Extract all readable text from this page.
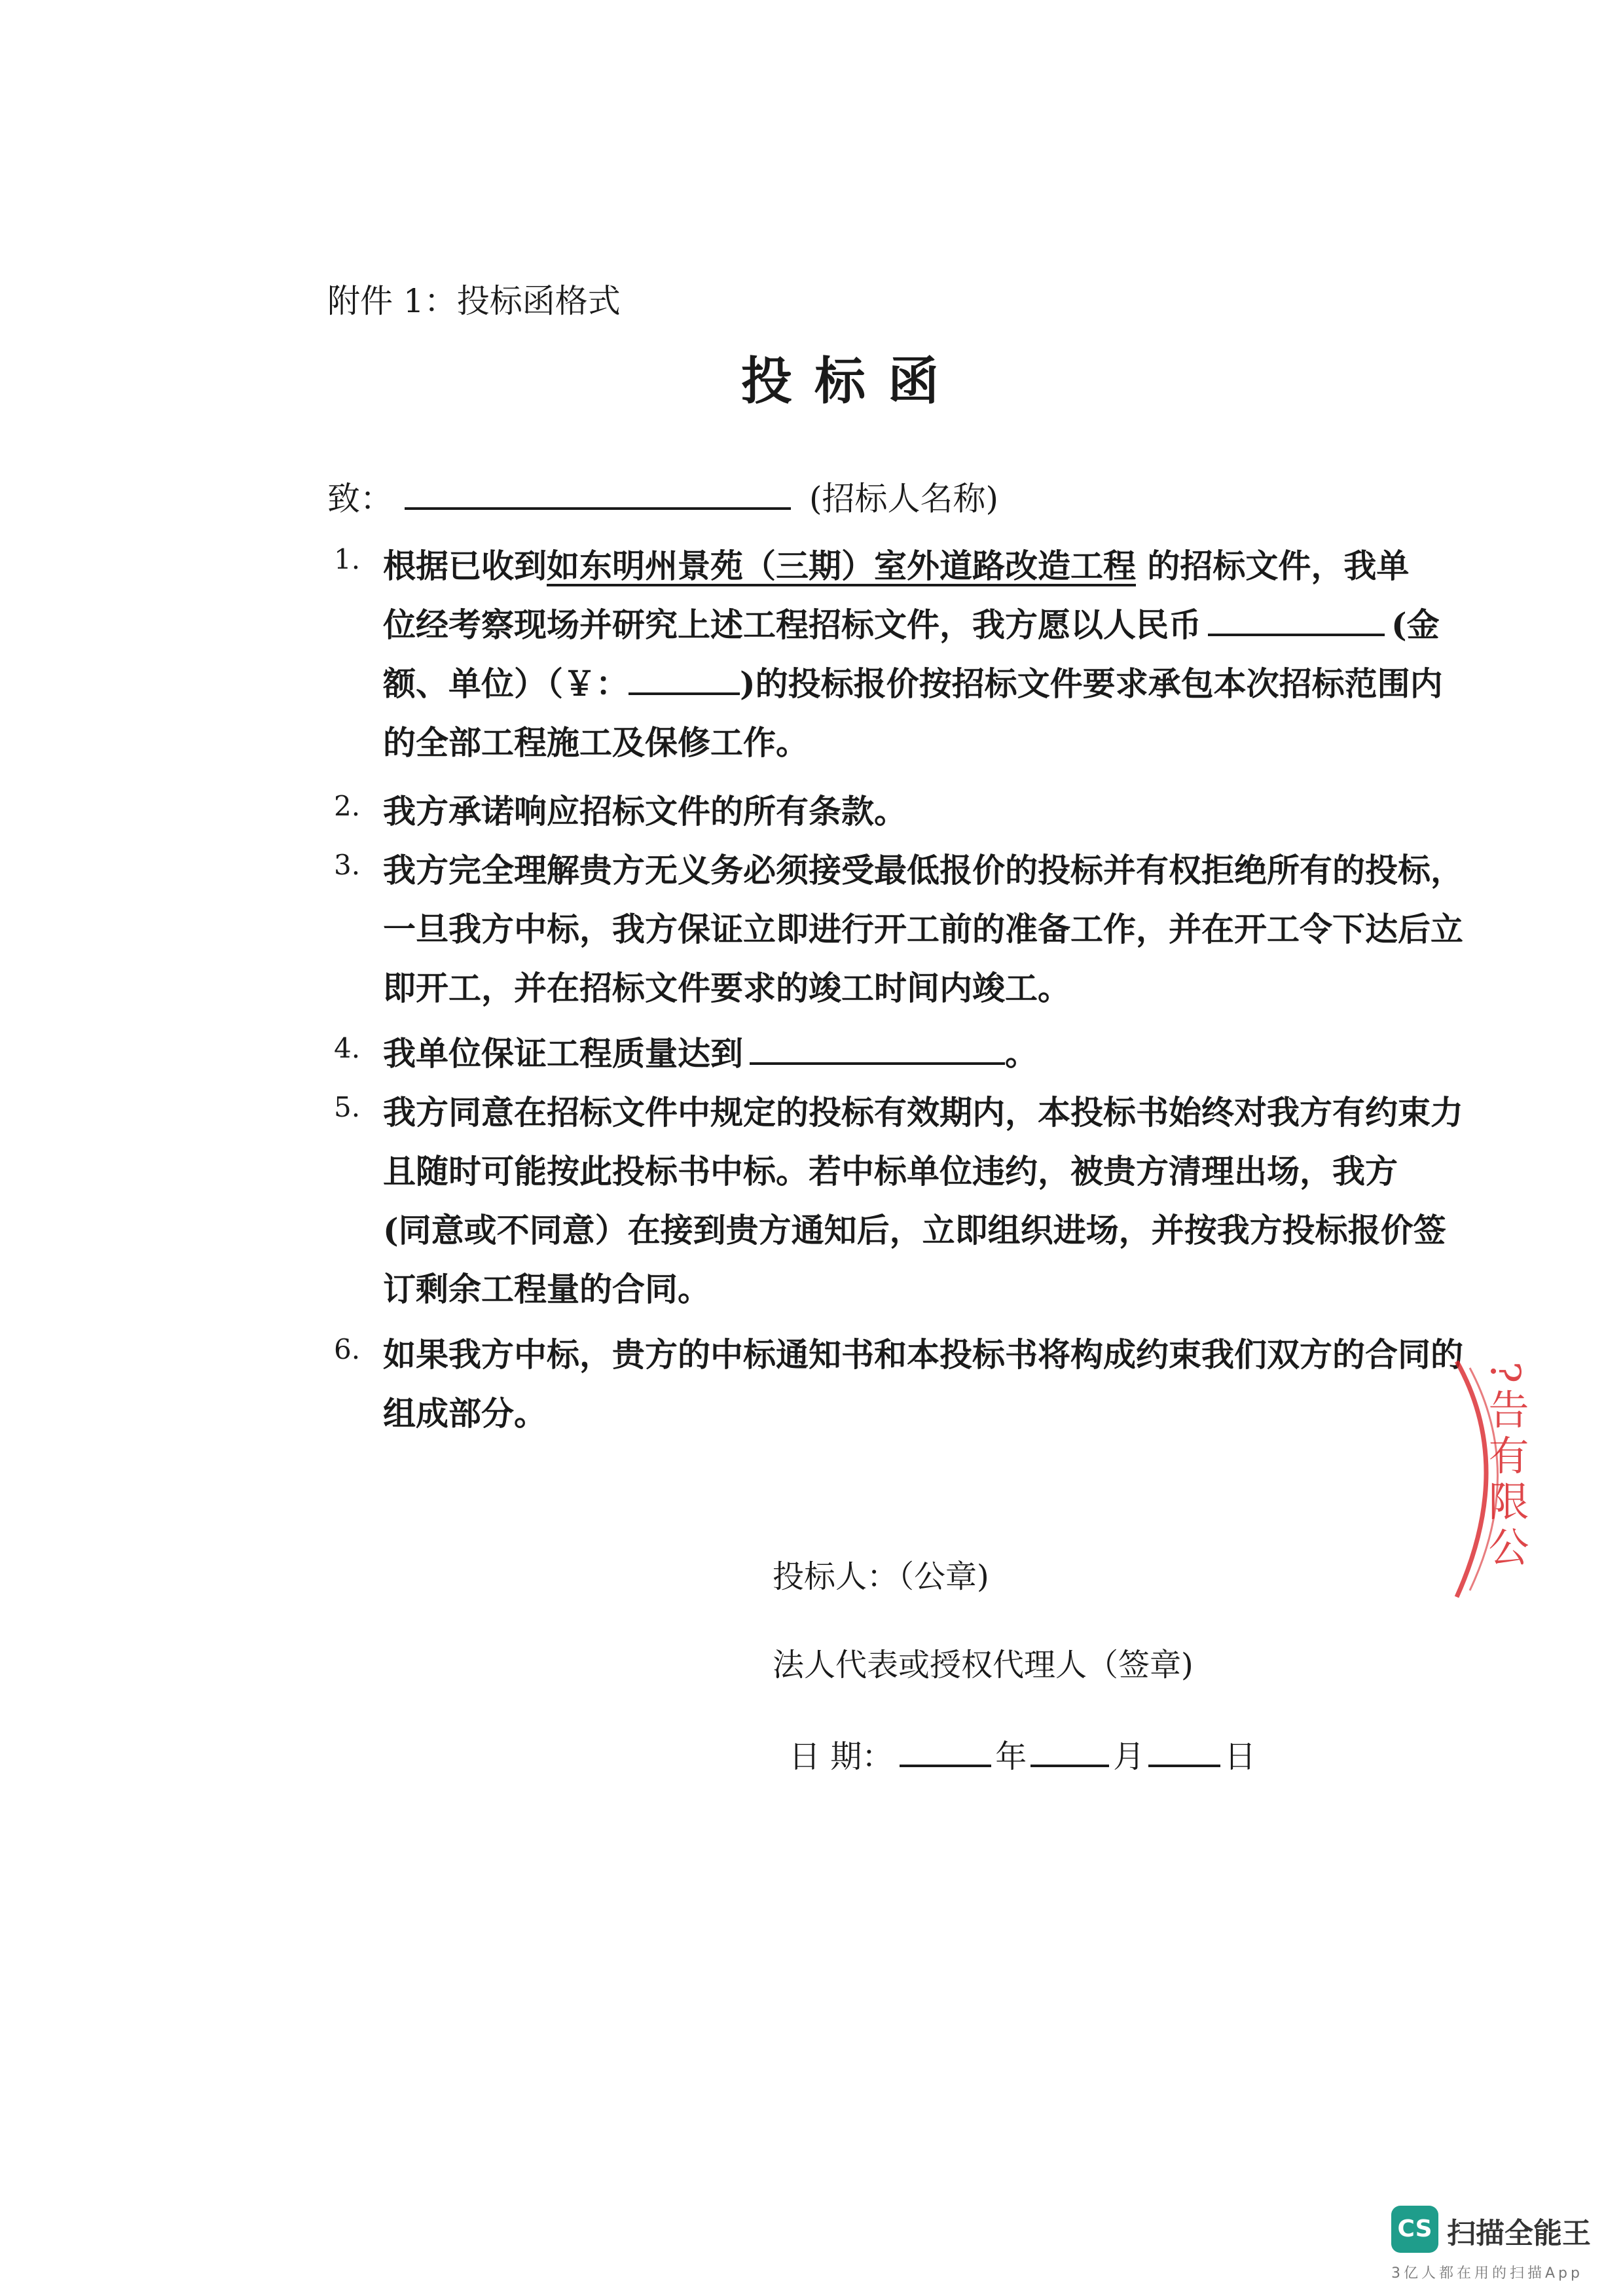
附件 1：投标函格式
投标函
致：	(招标人名称)
1. 根据已收到如东明州景苑（三期）室外道路改造工程 的招标文件，我单
位经考察现场并研究上述工程招标文件，我方愿以人民币	(金
额、单位）（￥：	)的投标报价按招标文件要求承包本次招标范围内
的全部工程施工及保修工作。
2. 我方承诺响应招标文件的所有条款。
3. 我方完全理解贵方无义务必须接受最低报价的投标并有权拒绝所有的投标，
一旦我方中标，我方保证立即进行开工前的准备工作，并在开工令下达后立
即开工，并在招标文件要求的竣工时间内竣工。
4. 我单位保证工程质量达到	。
5. 我方同意在招标文件中规定的投标有效期内，本投标书始终对我方有约束力
且随时可能按此投标书中标。若中标单位违约，被贵方清理出场，我方
(同意或不同意）在接到贵方通知后，立即组织进场，并按我方投标报价签
订剩余工程量的合同。
6. 如果我方中标，贵方的中标通知书和本投标书将构成约束我们双方的合同的
组成部分。
投标人：（公章)
法人代表或授权代理人（签章)
日 期：	年	月	日
?告有限公
CS 扫描全能王
3亿人都在用的扫描App
